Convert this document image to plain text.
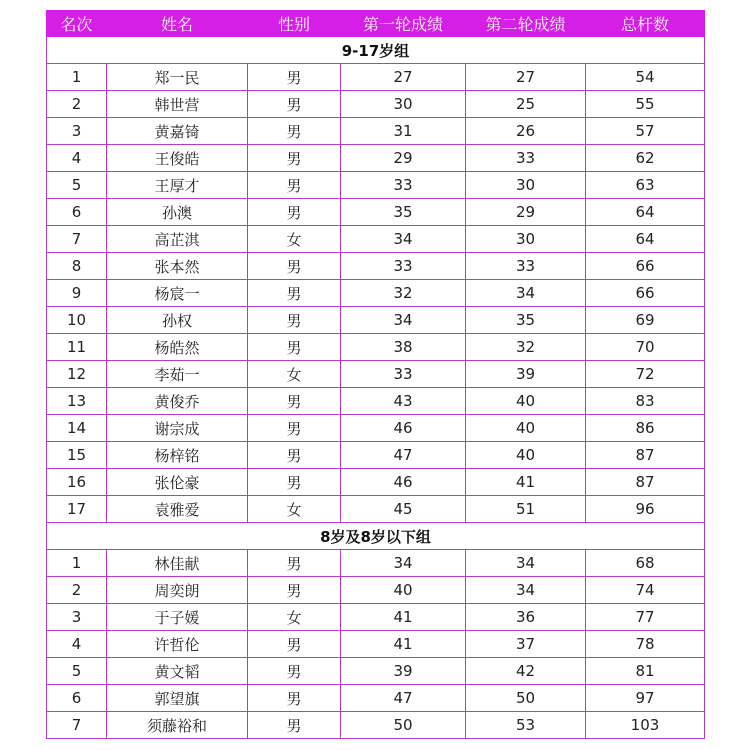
名次	姓名	性别	第一轮成绩	第二轮成绩	总杆数
9-17岁组					
1	郑一民	男	27	27	54
2	韩世营	男	30	25	55
3	黄嘉锜	男	31	26	57
4	王俊皓	男	29	33	62
5	王厚才	男	33	30	63
6	孙澳	男	35	29	64
7	高芷淇	女	34	30	64
8	张本然	男	33	33	66
9	杨宸一	男	32	34	66
10	孙权	男	34	35	69
11	杨皓然	男	38	32	70
12	李茹一	女	33	39	72
13	黄俊乔	男	43	40	83
14	谢宗成	男	46	40	86
15	杨梓铭	男	47	40	87
16	张伦豪	男	46	41	87
17	袁雅爱	女	45	51	96
8岁及8岁以下组					
1	林佳献	男	34	34	68
2	周奕朗	男	40	34	74
3	于子媛	女	41	36	77
4	许哲伦	男	41	37	78
5	黄文韬	男	39	42	81
6	郭望旗	男	47	50	97
7	须藤裕和	男	50	53	103
